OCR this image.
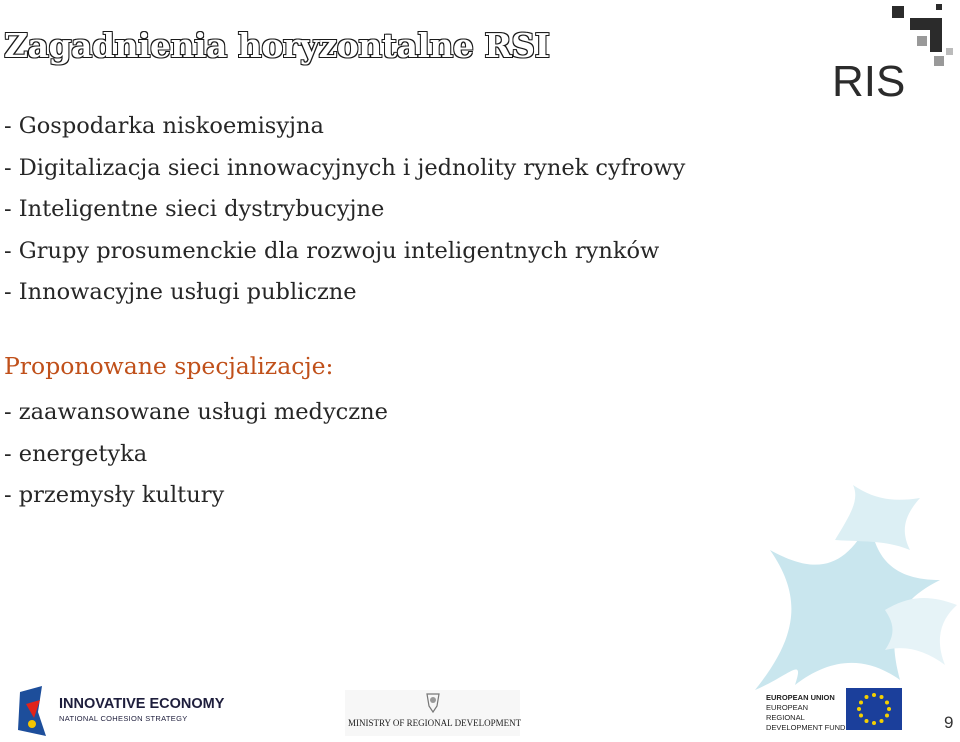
Zagadnienia horyzontalne RSI
RIS
- Gospodarka niskoemisyjna
- Digitalizacja sieci innowacyjnych i jednolity rynek cyfrowy
- Inteligentne sieci dystrybucyjne
- Grupy prosumenckie dla rozwoju inteligentnych rynków
- Innowacyjne usługi publiczne
Proponowane specjalizacje:
- zaawansowane usługi medyczne
- energetyka
- przemysły kultury
INNOVATIVE ECONOMY
NATIONAL COHESION STRATEGY	MINISTRY OF REGIONAL DEVELOPMENT
EUROPEAN UNION
EUROPEAN REGIONAL
DEVELOPMENT FUND	9
